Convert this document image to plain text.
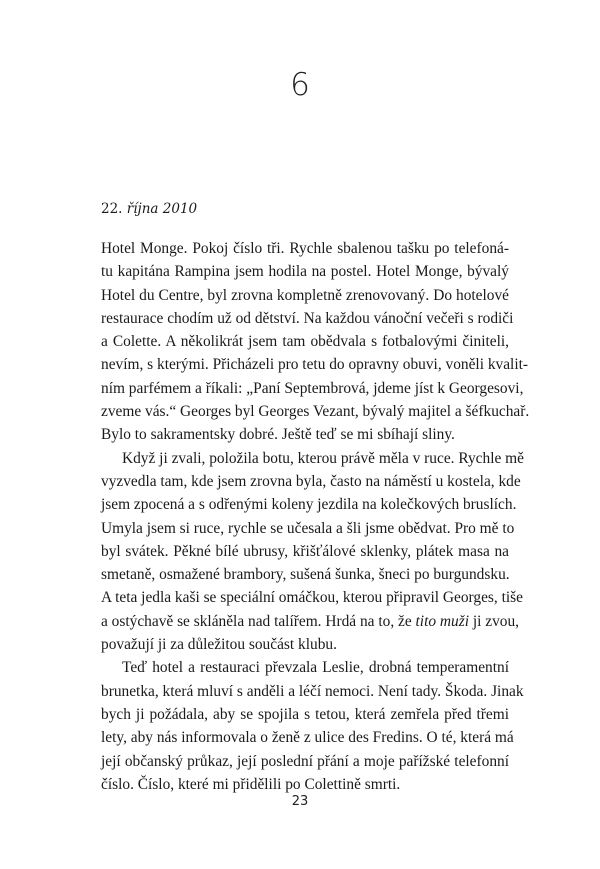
6
22. října 2010
Hotel Monge. Pokoj číslo tři. Rychle sbalenou tašku po telefoná-
tu kapitána Rampina jsem hodila na postel. Hotel Monge, bývalý
Hotel du Centre, byl zrovna kompletně zrenovovaný. Do hotelové
restaurace chodím už od dětství. Na každou vánoční večeři s rodiči
a Colette. A několikrát jsem tam obědvala s fotbalovými činiteli,
nevím, s kterými. Přicházeli pro tetu do opravny obuvi, voněli kvalit-
ním parfémem a říkali: „Paní Septembrová, jdeme jíst k Georgesovi,
zveme vás.“ Georges byl Georges Vezant, bývalý majitel a šéfkuchař.
Bylo to sakramentsky dobré. Ještě teď se mi sbíhají sliny.
Když ji zvali, položila botu, kterou právě měla v ruce. Rychle mě
vyzvedla tam, kde jsem zrovna byla, často na náměstí u kostela, kde
jsem zpocená a s odřenými koleny jezdila na kolečkových bruslích.
Umyla jsem si ruce, rychle se učesala a šli jsme obědvat. Pro mě to
byl svátek. Pěkné bílé ubrusy, křišťálové sklenky, plátek masa na
smetaně, osmažené brambory, sušená šunka, šneci po burgundsku.
A teta jedla kaši se speciální omáčkou, kterou připravil Georges, tiše
a ostýchavě se skláněla nad talířem. Hrdá na to, že tito muži ji zvou,
považují ji za důležitou součást klubu.
Teď hotel a restauraci převzala Leslie, drobná temperamentní
brunetka, která mluví s anděli a léčí nemoci. Není tady. Škoda. Jinak
bych ji požádala, aby se spojila s tetou, která zemřela před třemi
lety, aby nás informovala o ženě z ulice des Fredins. O té, která má
její občanský průkaz, její poslední přání a moje pařížské telefonní
číslo. Číslo, které mi přidělili po Colettině smrti.
23
